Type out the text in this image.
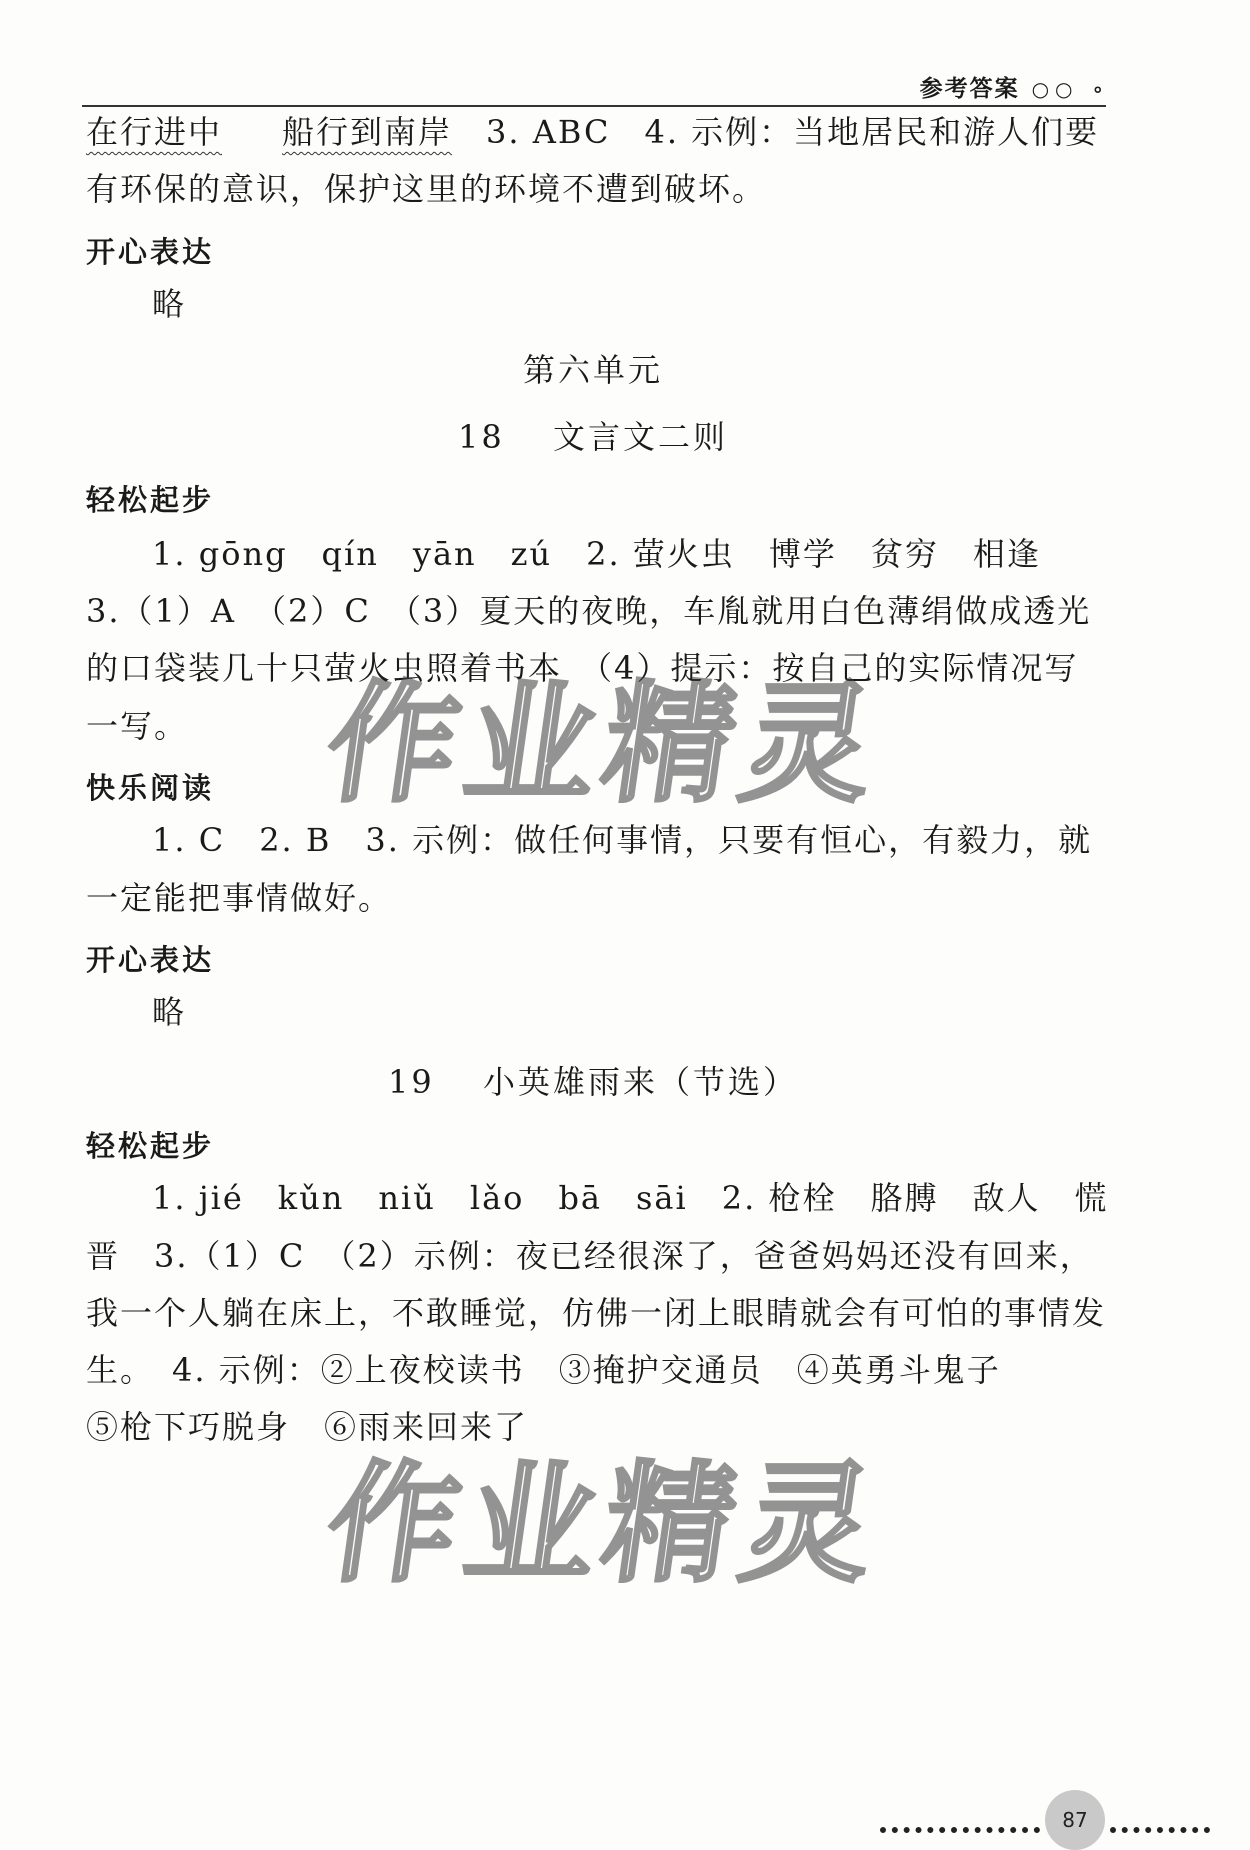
参考答案 ○○ ∘
在行进中 船行到南岸　 3. ABC　4. 示例：当地居民和游人们要
有环保的意识，保护这里的环境不遭到破坏。
开心表达
略
第六单元
18　 文言文二则
轻松起步
1. gōng　qín　yān　zú　2. 萤火虫　博学　贫穷　相逢
3.（1）A　（2）C　（3）夏天的夜晚，车胤就用白色薄绢做成透光
的口袋装几十只萤火虫照着书本　（4）提示：按自己的实际情况写
一写。
快乐阅读
1. C　2. B　3. 示例：做任何事情，只要有恒心，有毅力，就
一定能把事情做好。
开心表达
略
19　 小英雄雨来（节选）
轻松起步
1. jié　kǔn　niǔ　lǎo　bā　sāi　2. 枪栓　胳膊　敌人　慌
晋　3.（1）C　（2）示例：夜已经很深了，爸爸妈妈还没有回来，
我一个人躺在床上，不敢睡觉，仿佛一闭上眼睛就会有可怕的事情发
生。　4. 示例：②上夜校读书　③掩护交通员　④英勇斗鬼子
⑤枪下巧脱身　⑥雨来回来了
作业精灵
作业精灵
87
